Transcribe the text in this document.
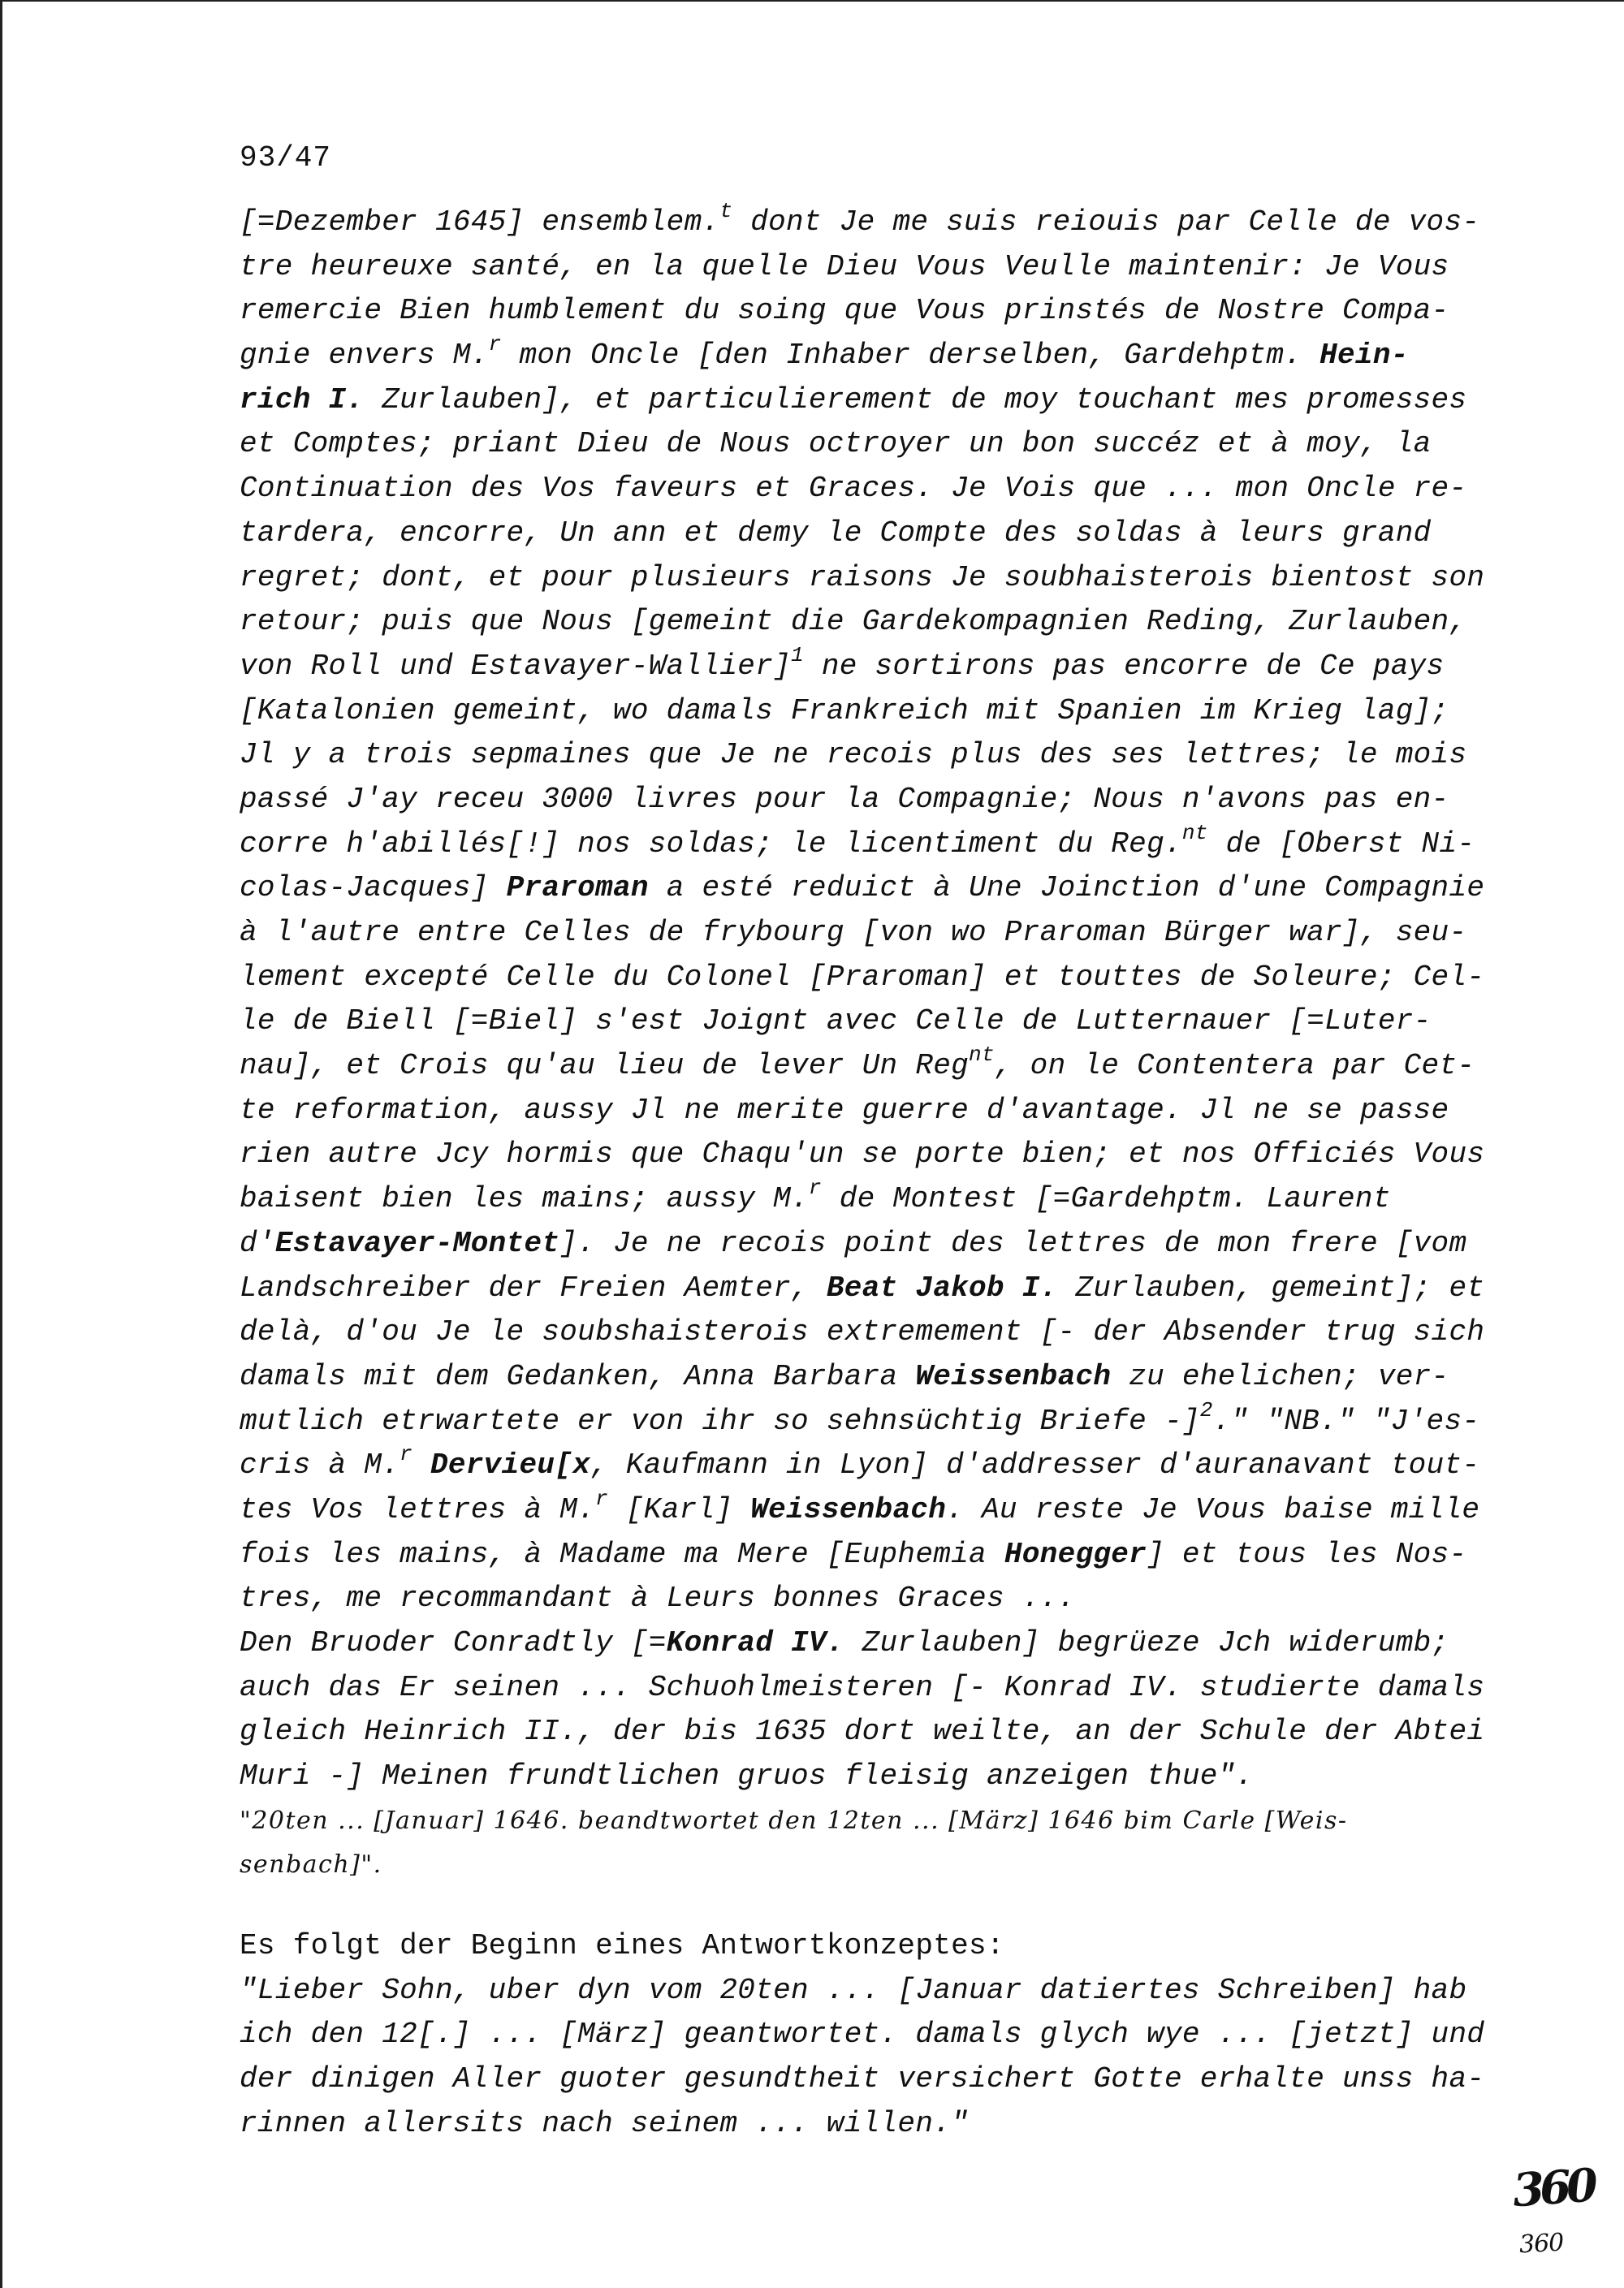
93/47
[=Dezember 1645] ensemblem.$^t$ dont Je me suis reiouis par Celle de vos-
tre heureuxe santé, en la quelle Dieu Vous Veulle maintenir: Je Vous
remercie Bien humblement du soing que Vous prinstés de Nostre Compa-
gnie envers M.$^r$ mon Oncle [den Inhaber derselben, Gardehptm. Hein-
rich I. Zurlauben], et particulierement de moy touchant mes promesses
et Comptes; priant Dieu de Nous octroyer un bon succéz et à moy, la
Continuation des Vos faveurs et Graces. Je Vois que ... mon Oncle re-
tardera, encorre, Un ann et demy le Compte des soldas à leurs grand
regret; dont, et pour plusieurs raisons Je soubhaisterois bientost son
retour; puis que Nous [gemeint die Gardekompagnien Reding, Zurlauben,
von Roll und Estavayer-Wallier]$^1$ ne sortirons pas encorre de Ce pays
[Katalonien gemeint, wo damals Frankreich mit Spanien im Krieg lag];
Jl y a trois sepmaines que Je ne recois plus des ses lettres; le mois
passé J'ay receu 3000 livres pour la Compagnie; Nous n'avons pas en-
corre h'abillés[!] nos soldas; le licentiment du Reg.$^{nt}$ de [Oberst Ni-
colas-Jacques] Praroman a esté reduict à Une Joinction d'une Compagnie
à l'autre entre Celles de frybourg [von wo Praroman Bürger war], seu-
lement excepté Celle du Colonel [Praroman] et touttes de Soleure; Cel-
le de Biell [=Biel] s'est Joignt avec Celle de Lutternauer [=Luter-
nau], et Crois qu'au lieu de lever Un Reg$^{nt}$, on le Contentera par Cet-
te reformation, aussy Jl ne merite guerre d'avantage. Jl ne se passe
rien autre Jcy hormis que Chaqu'un se porte bien; et nos Officiés Vous
baisent bien les mains; aussy M.$^r$ de Montest [=Gardehptm. Laurent
d'Estavayer-Montet]. Je ne recois point des lettres de mon frere [vom
Landschreiber der Freien Aemter, Beat Jakob I. Zurlauben, gemeint]; et
delà, d'ou Je le soubshaisterois extremement [- der Absender trug sich
damals mit dem Gedanken, Anna Barbara Weissenbach zu ehelichen; ver-
mutlich etrwartete er von ihr so sehnsüchtig Briefe -]$^2$." "NB." "J'es-
cris à M.$^r$ Dervieu[x, Kaufmann in Lyon] d'addresser d'auranavant tout-
tes Vos lettres à M.$^r$ [Karl] Weissenbach. Au reste Je Vous baise mille
fois les mains, à Madame ma Mere [Euphemia Honegger] et tous les Nos-
tres, me recommandant à Leurs bonnes Graces ...
Den Bruoder Conradtly [=Konrad IV. Zurlauben] begrüeze Jch widerumb;
auch das Er seinen ... Schuohlmeisteren [- Konrad IV. studierte damals
gleich Heinrich II., der bis 1635 dort weilte, an der Schule der Abtei
Muri -] Meinen frundtlichen gruos fleisig anzeigen thue".
"20ten ... [Januar] 1646. beandtwortet den 12ten ... [März] 1646 bim Carle [Weis-
senbach]".
Es folgt der Beginn eines Antwortkonzeptes:
"Lieber Sohn, uber dyn vom 20ten ... [Januar datiertes Schreiben] hab
ich den 12[.] ... [März] geantwortet. damals glych wye ... [jetzt] und
der dinigen Aller guoter gesundtheit versichert Gotte erhalte unss ha-
rinnen allersits nach seinem ... willen."
360
360
